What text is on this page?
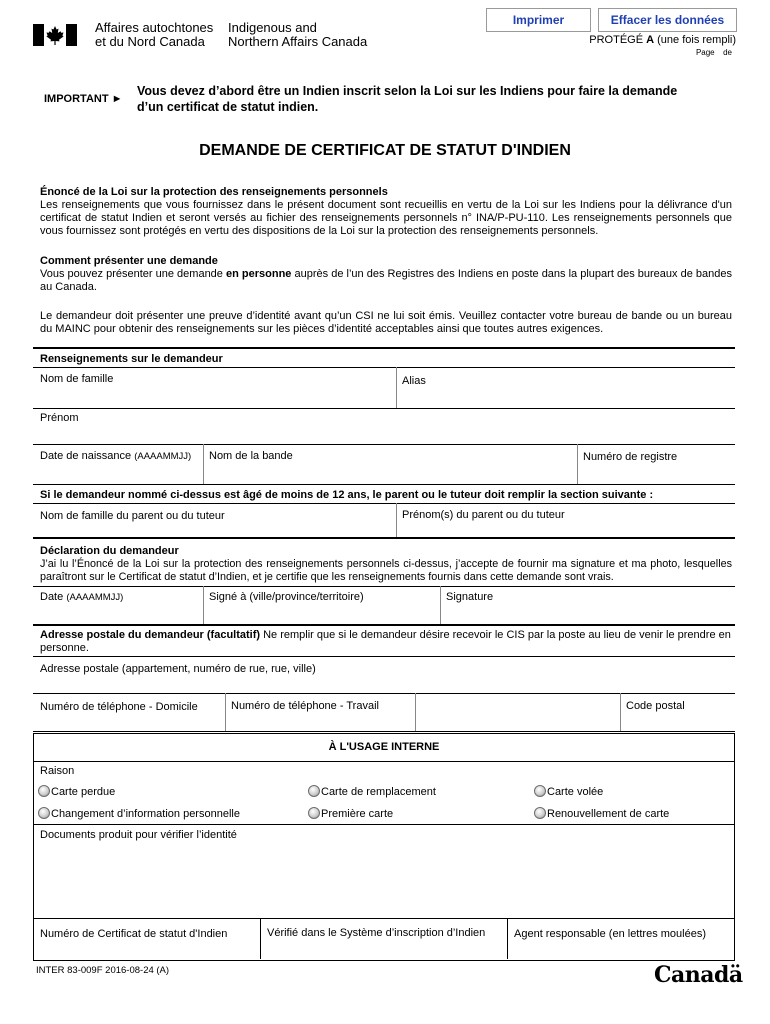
Affaires autochtones
et du Nord Canada
Indigenous and
Northern Affairs Canada
Imprimer	Effacer les données
PROTÉGÉ A (une fois rempli)
Page de
IMPORTANT ►
Vous devez d’abord être un Indien inscrit selon la Loi sur les Indiens pour faire la demande
d’un certificat de statut indien.
DEMANDE DE CERTIFICAT DE STATUT D'INDIEN
Énoncé de la Loi sur la protection des renseignements personnels
Les renseignements que vous fournissez dans le présent document sont recueillis en vertu de la Loi sur les Indiens pour la délivrance d'un certificat de statut Indien et seront versés au fichier des renseignements personnels n° INA/P-PU-110. Les renseignements personnels que vous fournissez sont protégés en vertu des dispositions de la Loi sur la protection des renseignements personnels.
Comment présenter une demande
Vous pouvez présenter une demande en personne auprès de l’un des Registres des Indiens en poste dans la plupart des bureaux de bandes au Canada.
Le demandeur doit présenter une preuve d’identité avant qu’un CSI ne lui soit émis. Veuillez contacter votre bureau de bande ou un bureau du MAINC pour obtenir des renseignements sur les pièces d’identité acceptables ainsi que toutes autres exigences.
Renseignements sur le demandeur
Nom de famille	Alias
Prénom
Date de naissance (AAAAMMJJ) Nom de la bande	Numéro de registre
Si le demandeur nommé ci-dessus est âgé de moins de 12 ans, le parent ou le tuteur doit remplir la section suivante :
Nom de famille du parent ou du tuteur	Prénom(s) du parent ou du tuteur
Déclaration du demandeur
J’ai lu l’Énoncé de la Loi sur la protection des renseignements personnels ci-dessus, j’accepte de fournir ma signature et ma photo, lesquelles paraîtront sur le Certificat de statut d’Indien, et je certifie que les renseignements fournis dans cette demande sont vrais.
Date (AAAAMMJJ)	Signé à (ville/province/territoire)	Signature
Adresse postale du demandeur (facultatif) Ne remplir que si le demandeur désire recevoir le CIS par la poste au lieu de venir le prendre en personne.
Adresse postale (appartement, numéro de rue, rue, ville)
Numéro de téléphone - Domicile	Numéro de téléphone - Travail	Code postal
À L'USAGE INTERNE
Raison
Carte perdue	Carte de remplacement	Carte volée
Changement d’information personnelle	Première carte	Renouvellement de carte
Documents produit pour vérifier l’identité
Numéro de Certificat de statut d'Indien	Vérifié dans le Système d’inscription d’Indien	Agent responsable (en lettres moulées)
INTER 83-009F 2016-08-24 (A)	Canadä
